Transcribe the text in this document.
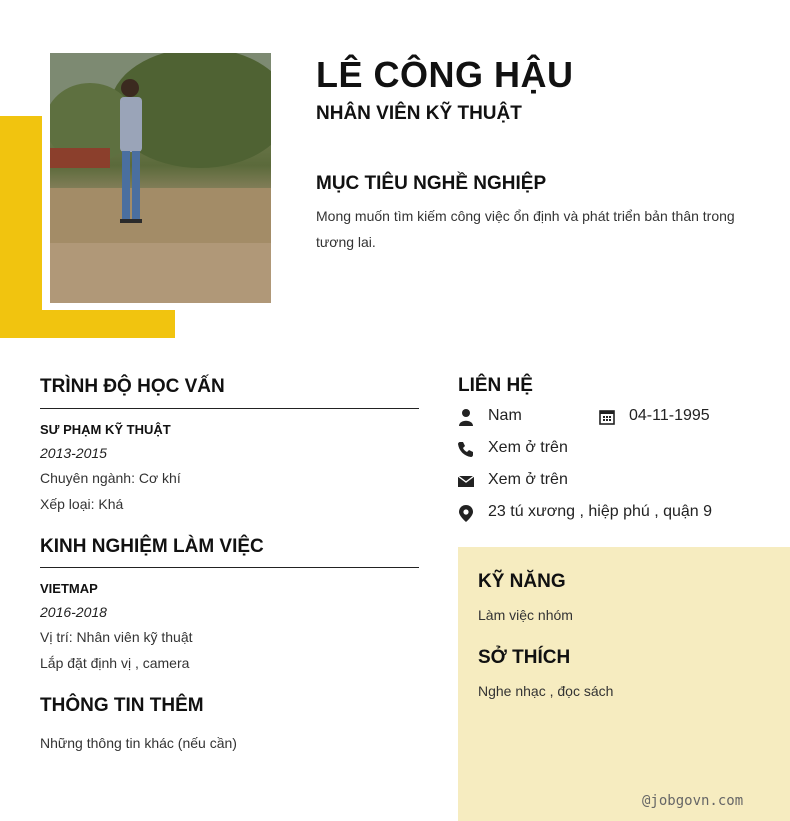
LÊ CÔNG HẬU
NHÂN VIÊN KỸ THUẬT
MỤC TIÊU NGHỀ NGHIỆP
Mong muốn tìm kiếm công việc ổn định và phát triển bản thân trong tương lai.
TRÌNH ĐỘ HỌC VẤN
SƯ PHẠM KỸ THUẬT
2013-2015
Chuyên ngành: Cơ khí
Xếp loại: Khá
KINH NGHIỆM LÀM VIỆC
VIETMAP
2016-2018
Vị trí: Nhân viên kỹ thuật
Lắp đặt định vị , camera
THÔNG TIN THÊM
Những thông tin khác (nếu cần)
LIÊN HỆ
Nam	04-11-1995
Xem ở trên
Xem ở trên
23 tú xương , hiệp phú , quận 9
KỸ NĂNG
Làm việc nhóm
SỞ THÍCH
Nghe nhạc , đọc sách
@jobgovn.com
